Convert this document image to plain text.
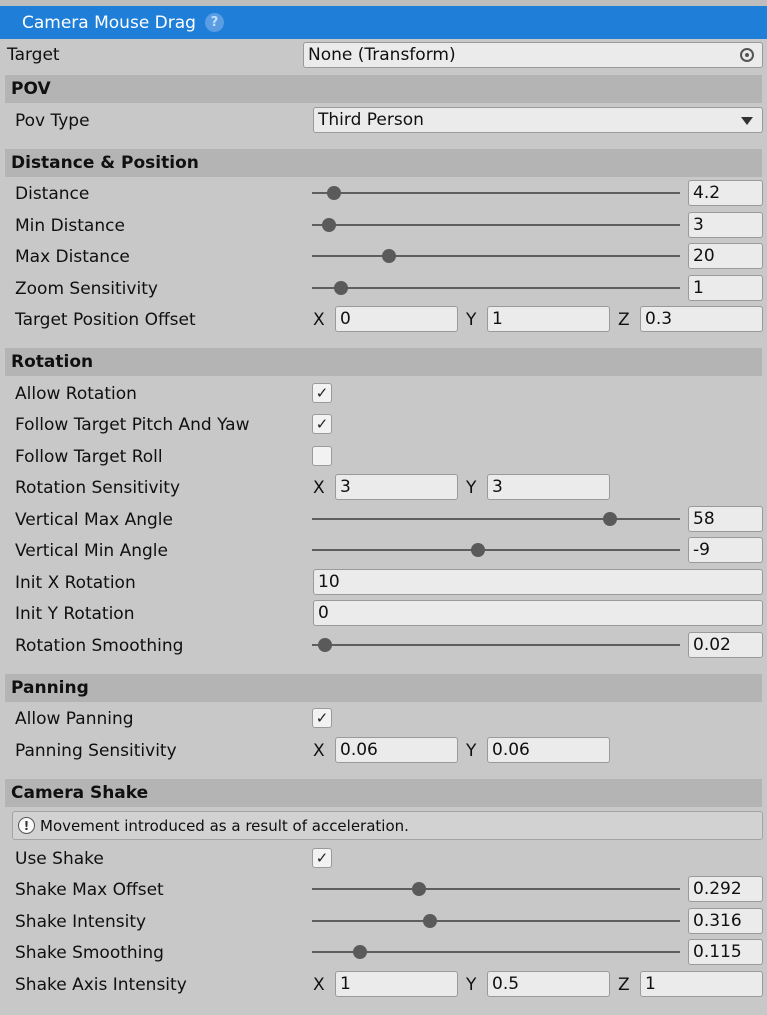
Camera Mouse Drag	?
Target	None (Transform)
POV
Pov Type	Third Person
Distance & Position
Distance	4.2
Min Distance	3
Max Distance	20
Zoom Sensitivity	1
Target Position Offset	X 0	Y 1	Z 0.3
Rotation
Allow Rotation	✓
Follow Target Pitch And Yaw	✓
Follow Target Roll
Rotation Sensitivity	X 3	Y 3
Vertical Max Angle	58
Vertical Min Angle	-9
Init X Rotation	10
Init Y Rotation	0
Rotation Smoothing	0.02
Panning
Allow Panning	✓
Panning Sensitivity	X 0.06	Y 0.06
Camera Shake
! Movement introduced as a result of acceleration.
Use Shake	✓
Shake Max Offset	0.292
Shake Intensity	0.316
Shake Smoothing	0.115
Shake Axis Intensity	X 1	Y 0.5	Z 1
